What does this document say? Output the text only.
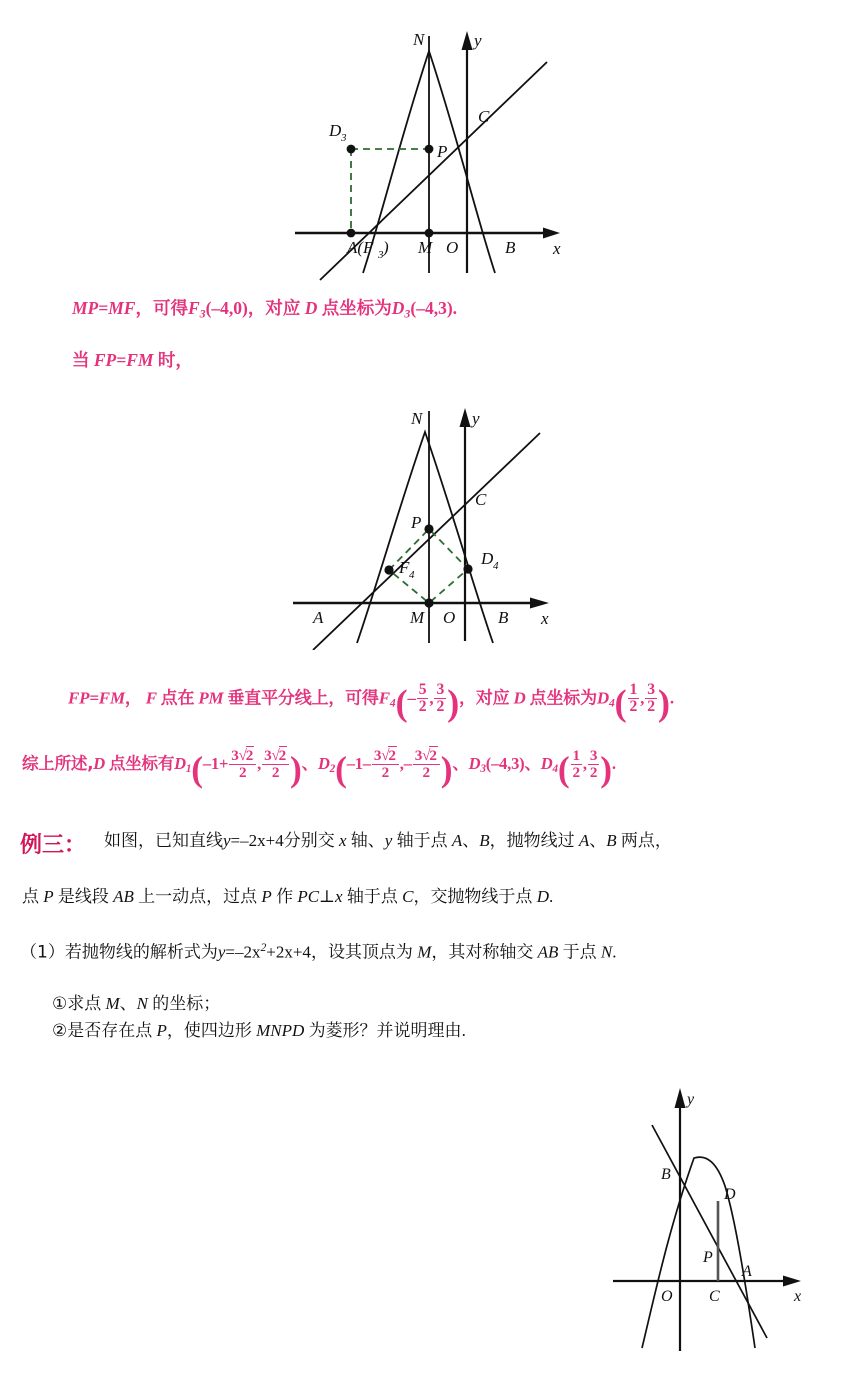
N	y
C
P
D 3
A(F 3 ) M O	B x
MP=MF，可得$F_3(-4,0)$，对应 D 点坐标为$D_3(-4,3)$.
当 FP=FM 时，
N	y
C
P
F 4
D 4
A	M O	B x
FP=FM， F 点在 PM 垂直平分线上，可得$F_4(- \frac{5}{2}$ , $\frac{3}{2}$ )，对应 D 点坐标为$D_4( \frac{1}{2}$ , $\frac{3}{2}$ ).
综上所述,D 点坐标有$D_1(-1+ \frac{3√2}{2}$ , $\frac{3√2}{2}$ )、$D_2(-1- \frac{3√2}{2}$ ,– $\frac{3√2}{2}$ )、$D_3(-4,3)$、$D_4( \frac{1}{2}$ , $\frac{3}{2}$ ).
例三： 如图，已知直线y=–2x+4分别交 x 轴、y 轴于点 A、B，抛物线过 A、B 两点，
点 P 是线段 AB 上一动点，过点 P 作 PC⊥x 轴于点 C，交抛物线于点 D.
（1）若抛物线的解析式为$y=-2x^2+2x+4$，设其顶点为 M，其对称轴交 AB 于点 N.
①求点 M、N 的坐标；
②是否存在点 P，使四边形 MNPD 为菱形？并说明理由.
y
B
D
P
A
O C	x
